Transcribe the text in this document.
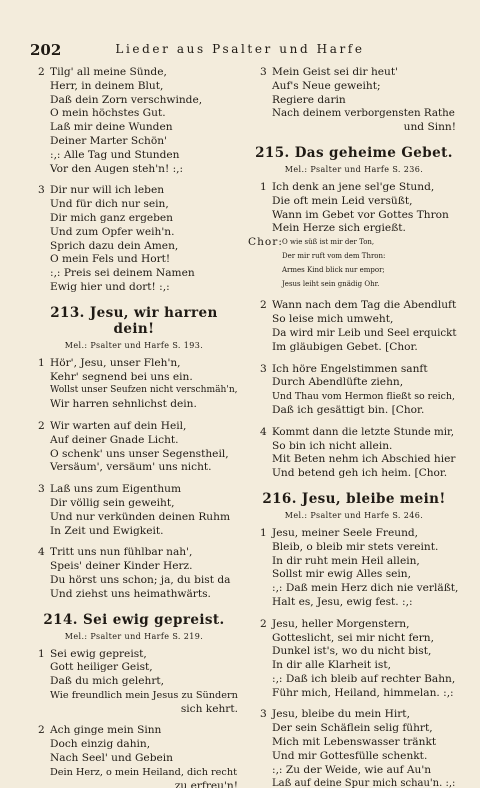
202	Lieder aus Psalter und Harfe
2 Tilg' all meine Sünde,
Herr, in deinem Blut,
Daß dein Zorn verschwinde,
O mein höchstes Gut.
Laß mir deine Wunden
Deiner Marter Schön'
:,: Alle Tag und Stunden
Vor den Augen steh'n! :,:
3 Dir nur will ich leben
Und für dich nur sein,
Dir mich ganz ergeben
Und zum Opfer weih'n.
Sprich dazu dein Amen,
O mein Fels und Hort!
:,: Preis sei deinem Namen
Ewig hier und dort! :,:
213. Jesu, wir harren dein!
Mel.: Psalter und Harfe S. 193.
1 Hör', Jesu, unser Fleh'n,
Kehr' segnend bei uns ein.
Wollst unser Seufzen nicht verschmäh'n,
Wir harren sehnlichst dein.
2 Wir warten auf dein Heil,
Auf deiner Gnade Licht.
O schenk' uns unser Segenstheil,
Versäum', versäum' uns nicht.
3 Laß uns zum Eigenthum
Dir völlig sein geweiht,
Und nur verkünden deinen Ruhm
In Zeit und Ewigkeit.
4 Tritt uns nun fühlbar nah',
Speis' deiner Kinder Herz.
Du hörst uns schon; ja, du bist da
Und ziehst uns heimathwärts.
214. Sei ewig gepreist.
Mel.: Psalter und Harfe S. 219.
1 Sei ewig gepreist,
Gott heiliger Geist,
Daß du mich gelehrt,
Wie freundlich mein Jesus zu Sündern
sich kehrt.
2 Ach ginge mein Sinn
Doch einzig dahin,
Nach Seel' und Gebein
Dein Herz, o mein Heiland, dich recht
zu erfreu'n!
3 Mein Geist sei dir heut'
Auf's Neue geweiht;
Regiere darin
Nach deinem verborgensten Rathe
und Sinn!
215. Das geheime Gebet.
Mel.: Psalter und Harfe S. 236.
1 Ich denk an jene sel'ge Stund,
Die oft mein Leid versüßt,
Wann im Gebet vor Gottes Thron
Mein Herze sich ergießt.
O wie süß ist mir der Ton,
Der mir ruft vom dem Thron:
Armes Kind blick nur empor;
Jesus leiht sein gnädig Ohr.
Chor:
2 Wann nach dem Tag die Abendluft
So leise mich umweht,
Da wird mir Leib und Seel erquickt
Im gläubigen Gebet. [Chor.
3 Ich höre Engelstimmen sanft
Durch Abendlüfte ziehn,
Und Thau vom Hermon fließt so reich,
Daß ich gesättigt bin. [Chor.
4 Kommt dann die letzte Stunde mir,
So bin ich nicht allein.
Mit Beten nehm ich Abschied hier
Und betend geh ich heim. [Chor.
216. Jesu, bleibe mein!
Mel.: Psalter und Harfe S. 246.
1 Jesu, meiner Seele Freund,
Bleib, o bleib mir stets vereint.
In dir ruht mein Heil allein,
Sollst mir ewig Alles sein,
:,: Daß mein Herz dich nie verläßt,
Halt es, Jesu, ewig fest. :,:
2 Jesu, heller Morgenstern,
Gotteslicht, sei mir nicht fern,
Dunkel ist's, wo du nicht bist,
In dir alle Klarheit ist,
:,: Daß ich bleib auf rechter Bahn,
Führ mich, Heiland, himmelan. :,:
3 Jesu, bleibe du mein Hirt,
Der sein Schäflein selig führt,
Mich mit Lebenswasser tränkt
Und mir Gottesfülle schenkt.
:,: Zu der Weide, wie auf Au'n
Laß auf deine Spur mich schau'n. :,:
